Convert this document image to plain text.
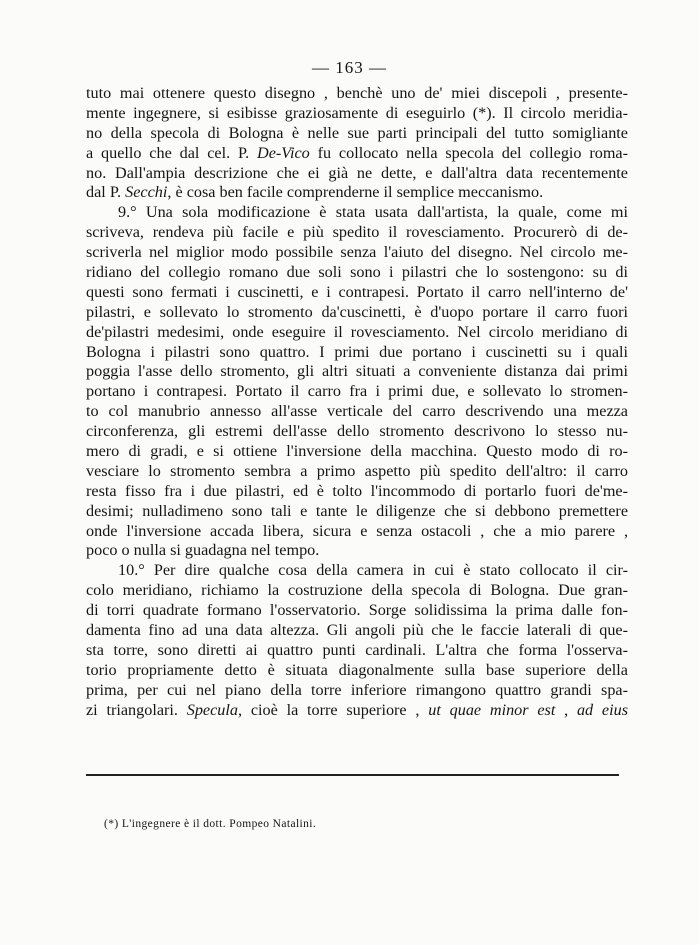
— 163 —
tuto mai ottenere questo disegno , benchè uno de' miei discepoli , presente-
mente ingegnere, si esibisse graziosamente di eseguirlo (*). Il circolo meridia-
no della specola di Bologna è nelle sue parti principali del tutto somigliante
a quello che dal cel. P. De-Vico fu collocato nella specola del collegio roma-
no. Dall'ampia descrizione che ei già ne dette, e dall'altra data recentemente
dal P. Secchi, è cosa ben facile comprenderne il semplice meccanismo.
9.° Una sola modificazione è stata usata dall'artista, la quale, come mi
scriveva, rendeva più facile e più spedito il rovesciamento. Procurerò di de-
scriverla nel miglior modo possibile senza l'aiuto del disegno. Nel circolo me-
ridiano del collegio romano due soli sono i pilastri che lo sostengono: su di
questi sono fermati i cuscinetti, e i contrapesi. Portato il carro nell'interno de'
pilastri, e sollevato lo stromento da'cuscinetti, è d'uopo portare il carro fuori
de'pilastri medesimi, onde eseguire il rovesciamento. Nel circolo meridiano di
Bologna i pilastri sono quattro. I primi due portano i cuscinetti su i quali
poggia l'asse dello stromento, gli altri situati a conveniente distanza dai primi
portano i contrapesi. Portato il carro fra i primi due, e sollevato lo stromen-
to col manubrio annesso all'asse verticale del carro descrivendo una mezza
circonferenza, gli estremi dell'asse dello stromento descrivono lo stesso nu-
mero di gradi, e si ottiene l'inversione della macchina. Questo modo di ro-
vesciare lo stromento sembra a primo aspetto più spedito dell'altro: il carro
resta fisso fra i due pilastri, ed è tolto l'incommodo di portarlo fuori de'me-
desimi; nulladimeno sono tali e tante le diligenze che si debbono premettere
onde l'inversione accada libera, sicura e senza ostacoli , che a mio parere ,
poco o nulla si guadagna nel tempo.
10.° Per dire qualche cosa della camera in cui è stato collocato il cir-
colo meridiano, richiamo la costruzione della specola di Bologna. Due gran-
di torri quadrate formano l'osservatorio. Sorge solidissima la prima dalle fon-
damenta fino ad una data altezza. Gli angoli più che le faccie laterali di que-
sta torre, sono diretti ai quattro punti cardinali. L'altra che forma l'osserva-
torio propriamente detto è situata diagonalmente sulla base superiore della
prima, per cui nel piano della torre inferiore rimangono quattro grandi spa-
zi triangolari. Specula, cioè la torre superiore , ut quae minor est , ad eius
(*) L'ingegnere è il dott. Pompeo Natalini.
